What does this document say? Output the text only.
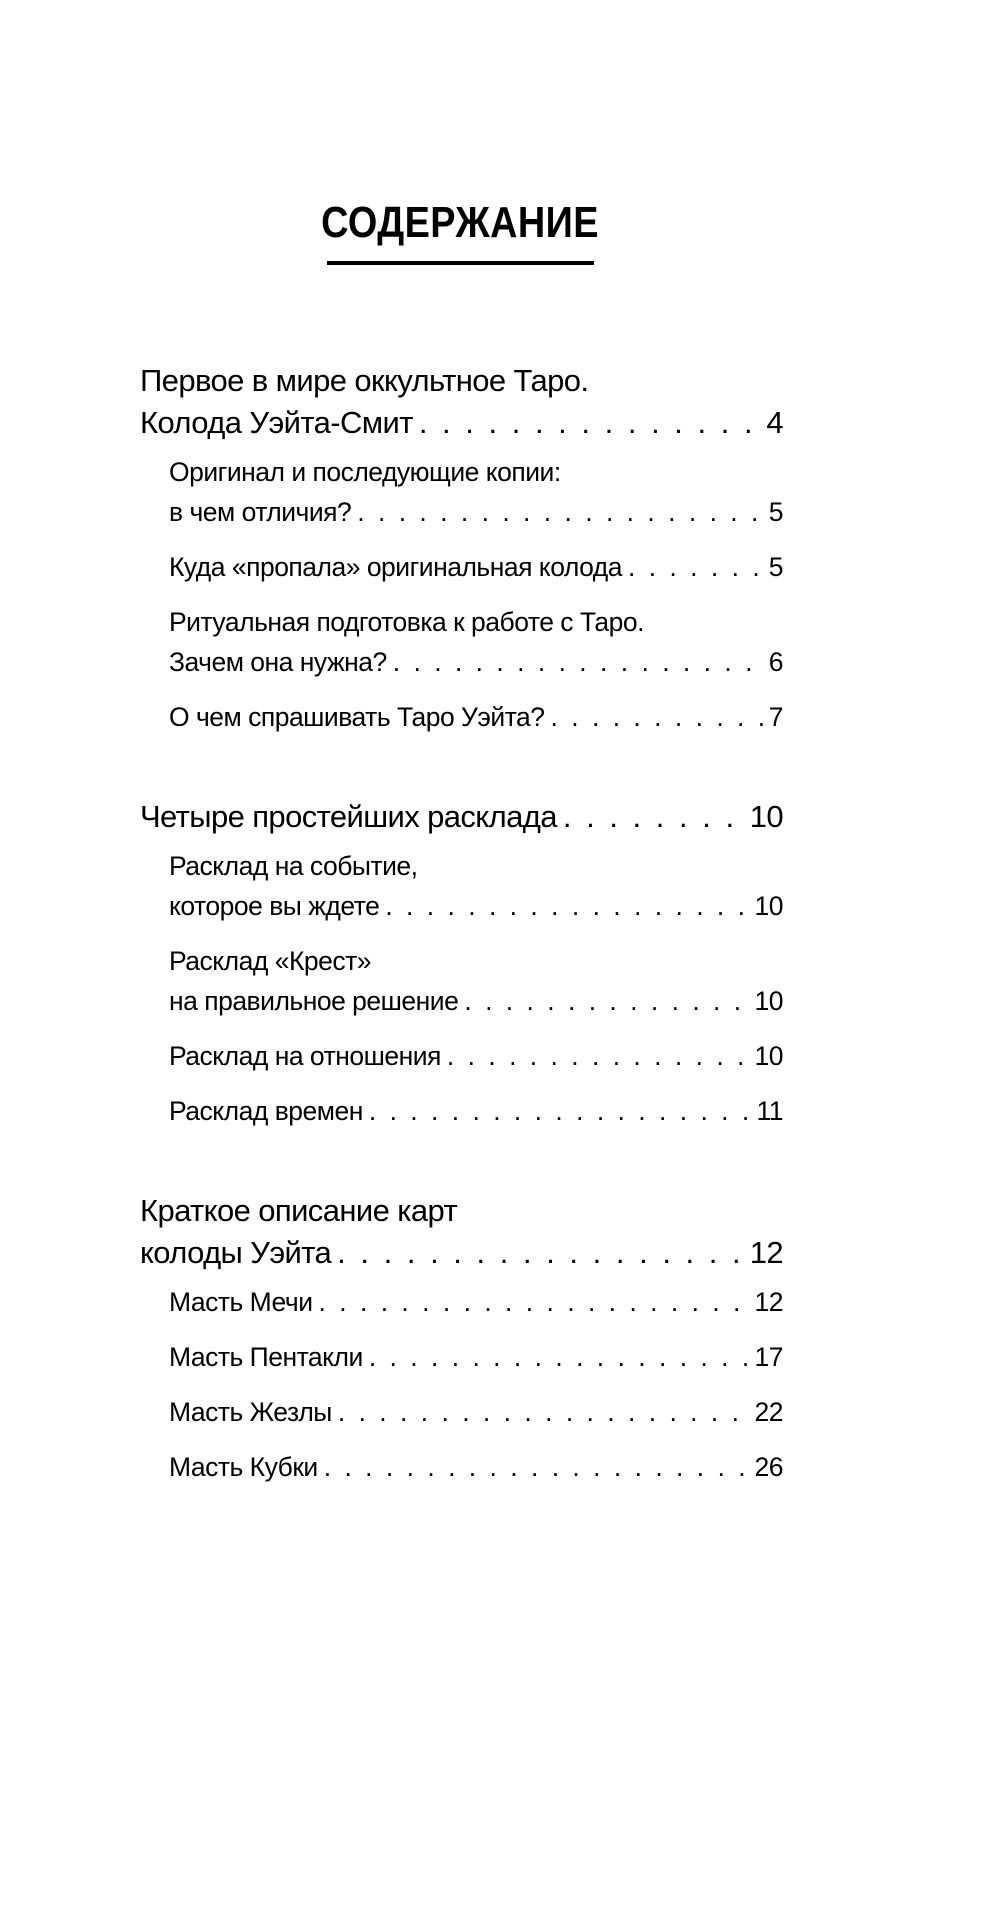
СОДЕРЖАНИЕ
Первое в мире оккультное Таро.
Колода Уэйта-Смит . . .	4
Оригинал и последующие копии:
в чем отличия? . . .	5
Куда «пропала» оригинальная колода . . .	5
Ритуальная подготовка к работе с Таро.
Зачем она нужна? . . .	6
О чем спрашивать Таро Уэйта? . . .	7
Четыре простейших расклада . . .	10
Расклад на событие,
которое вы ждете . . .	10
Расклад «Крест»
на правильное решение . . .	10
Расклад на отношения . . .	10
Расклад времен . . .	11
Краткое описание карт
колоды Уэйта . . .	12
Масть Мечи . . .	12
Масть Пентакли . . .	17
Масть Жезлы . . .	22
Масть Кубки . . .	26
